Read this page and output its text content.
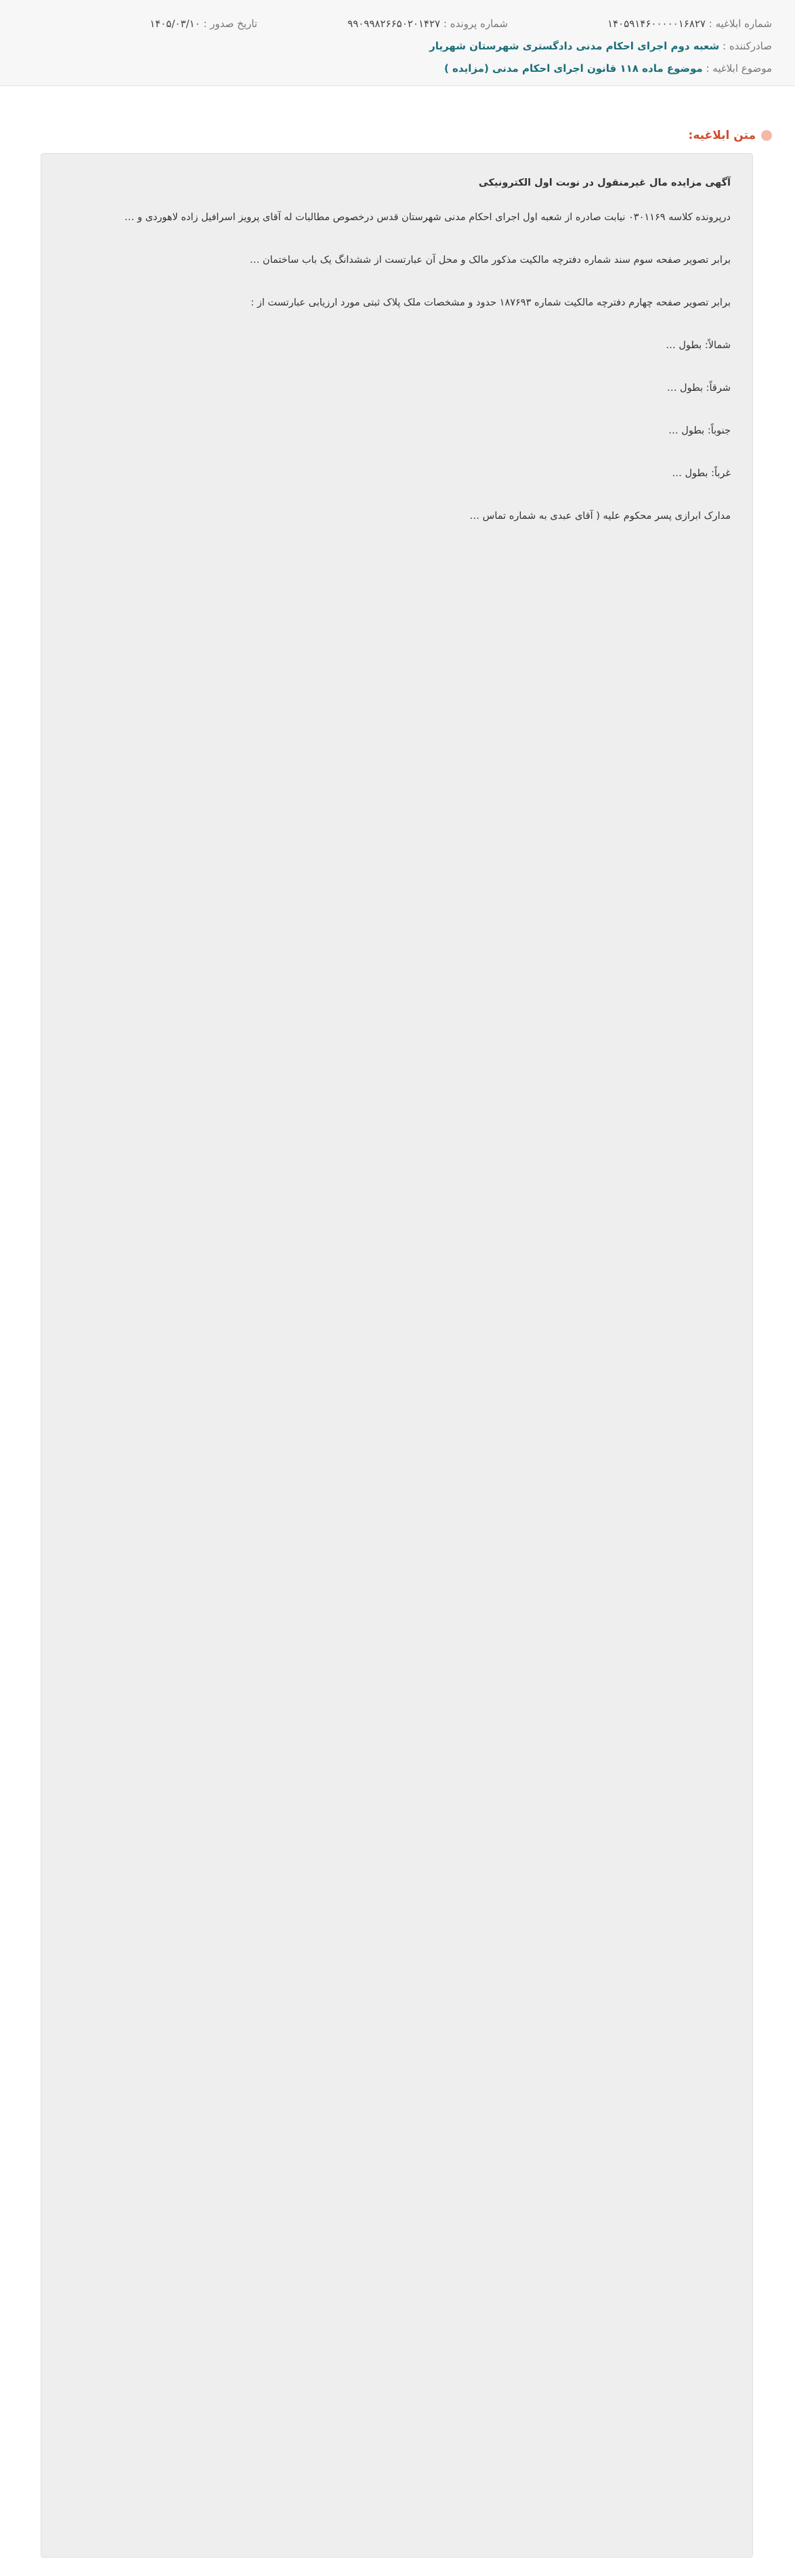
شماره ابلاغیه : ۱۴۰۵۹۱۴۶۰۰۰۰۰۱۶۸۲۷
شماره پرونده : ۹۹۰۹۹۸۲۶۶۵۰۲۰۱۴۲۷
تاریخ صدور : ۱۴۰۵/۰۳/۱۰
صادرکننده : شعبه دوم اجرای احکام مدنی دادگستری شهرستان شهریار
موضوع ابلاغیه : موضوع ماده ۱۱۸ قانون اجرای احکام مدنی (مزایده )
متن ابلاغیه:

آگهی مزایده مال غیرمنقول در نوبت اول الکترونیکی

درپرونده کلاسه ۰۳۰۱۱۶۹ نیابت صادره از شعبه اول اجرای احکام مدنی شهرستان قدس درخصوص مطالبات له آقای پرویز اسرافیل زاده لاهوردی و …

برابر تصویر صفحه سوم سند شماره دفترچه مالکیت مذکور مالک و محل آن عبارتست از ششدانگ یک باب ساختمان …

برابر تصویر صفحه چهارم دفترچه مالکیت شماره ۱۸۷۶۹۳ حدود و مشخصات ملک پلاک ثبتی مورد ارزیابی عبارتست از :

شمالاً: بطول …

شرقاً: بطول …

جنوباً: بطول …

غرباً: بطول …

مدارک ابرازی پسر محکوم علیه ( آقای عبدی به شماره تماس …
